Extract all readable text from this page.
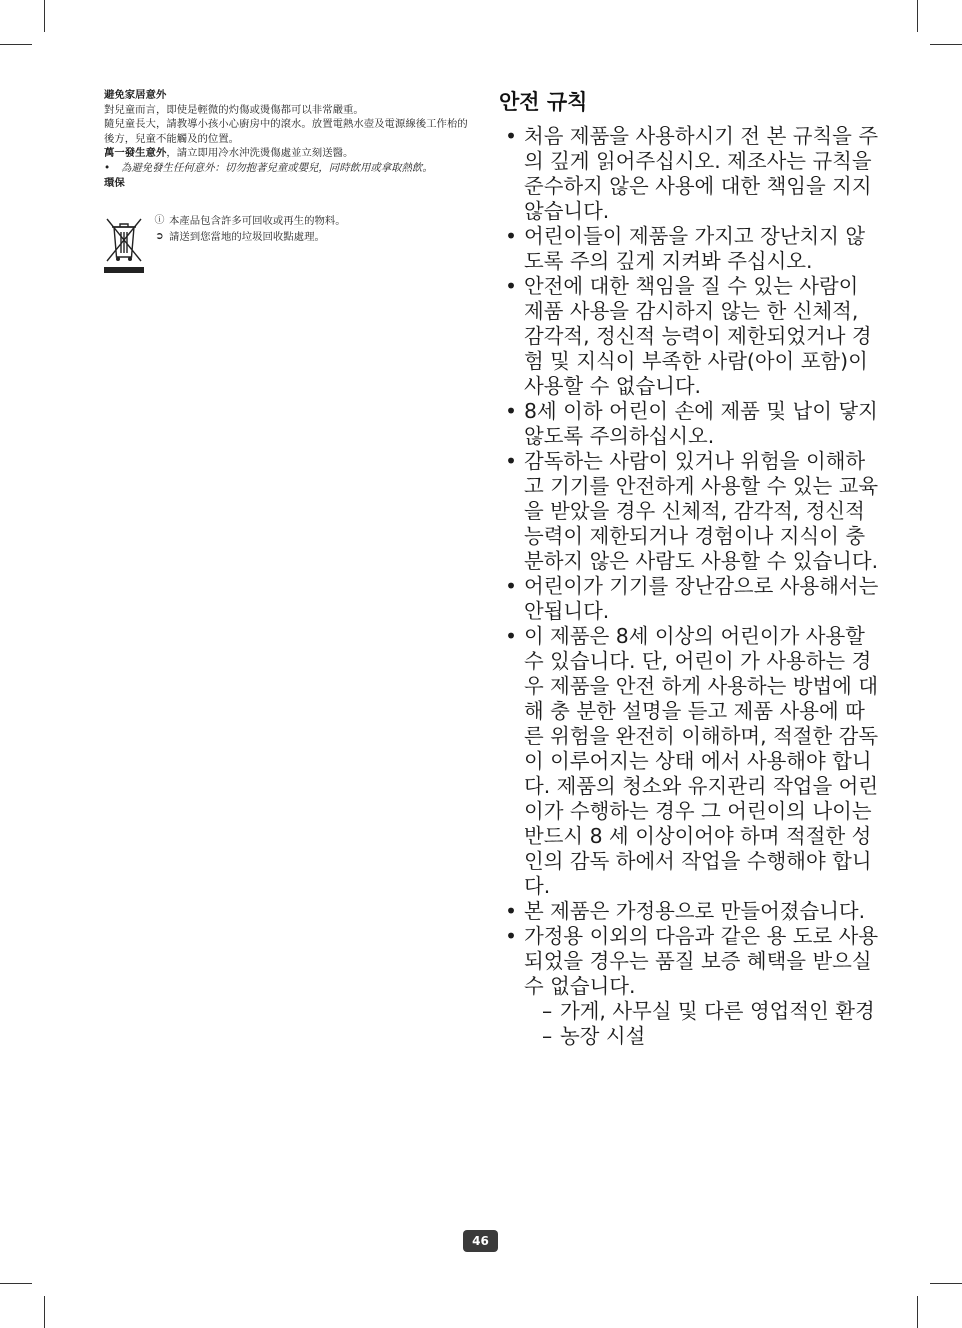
避免家居意外

對兒童而言，即使是輕微的灼傷或燙傷都可以非常嚴重。

隨兒童長大，請教導小孩小心廚房中的滾水。放置電熱水壺及電源線後工作枱的後方，兒童不能觸及的位置。

萬一發生意外，請立即用冷水沖洗燙傷處並立刻送醫。

•	為避免發生任何意外：切勿抱著兒童或嬰兒，同時飲用或拿取熱飲。

環保

ⓘ 本產品包含許多可回收或再生的物料。
➲ 請送到您當地的垃圾回收點處理。
안전 규칙
• 처음 제품을 사용하시기 전 본 규칙을 주의 깊게 읽어주십시오. 제조사는 규칙을 준수하지 않은 사용에 대한 책임을 지지 않습니다.
• 어린이들이 제품을 가지고 장난치지 않도록 주의 깊게 지켜봐 주십시오.
• 안전에 대한 책임을 질 수 있는 사람이 제품 사용을 감시하지 않는 한 신체적, 감각적, 정신적 능력이 제한되었거나 경험 및 지식이 부족한 사람(아이 포함)이 사용할 수 없습니다.
• 8세 이하 어린이 손에 제품 및 납이 닿지 않도록 주의하십시오.
• 감독하는 사람이 있거나 위험을 이해하고 기기를 안전하게 사용할 수 있는 교육을 받았을 경우 신체적, 감각적, 정신적 능력이 제한되거나 경험이나 지식이 충분하지 않은 사람도 사용할 수 있습니다.
• 어린이가 기기를 장난감으로 사용해서는 안됩니다.
• 이 제품은 8세 이상의 어린이가 사용할 수 있습니다. 단, 어린이 가 사용하는 경우 제품을 안전 하게 사용하는 방법에 대해 충 분한 설명을 듣고 제품 사용에 따른 위험을 완전히 이해하며, 적절한 감독이 이루어지는 상태 에서 사용해야 합니다. 제품의 청소와 유지관리 작업을 어린이가 수행하는 경우 그 어린이의 나이는 반드시 8 세 이상이어야 하며 적절한 성인의 감독 하에서 작업을 수행해야 합니다.
• 본 제품은 가정용으로 만들어졌습니다.
• 가정용 이외의 다음과 같은 용 도로 사용 되었을 경우는 품질 보증 혜택을 받으실 수 없습니다.
– 가게, 사무실 및 다른 영업적인 환경
– 농장 시설
46
